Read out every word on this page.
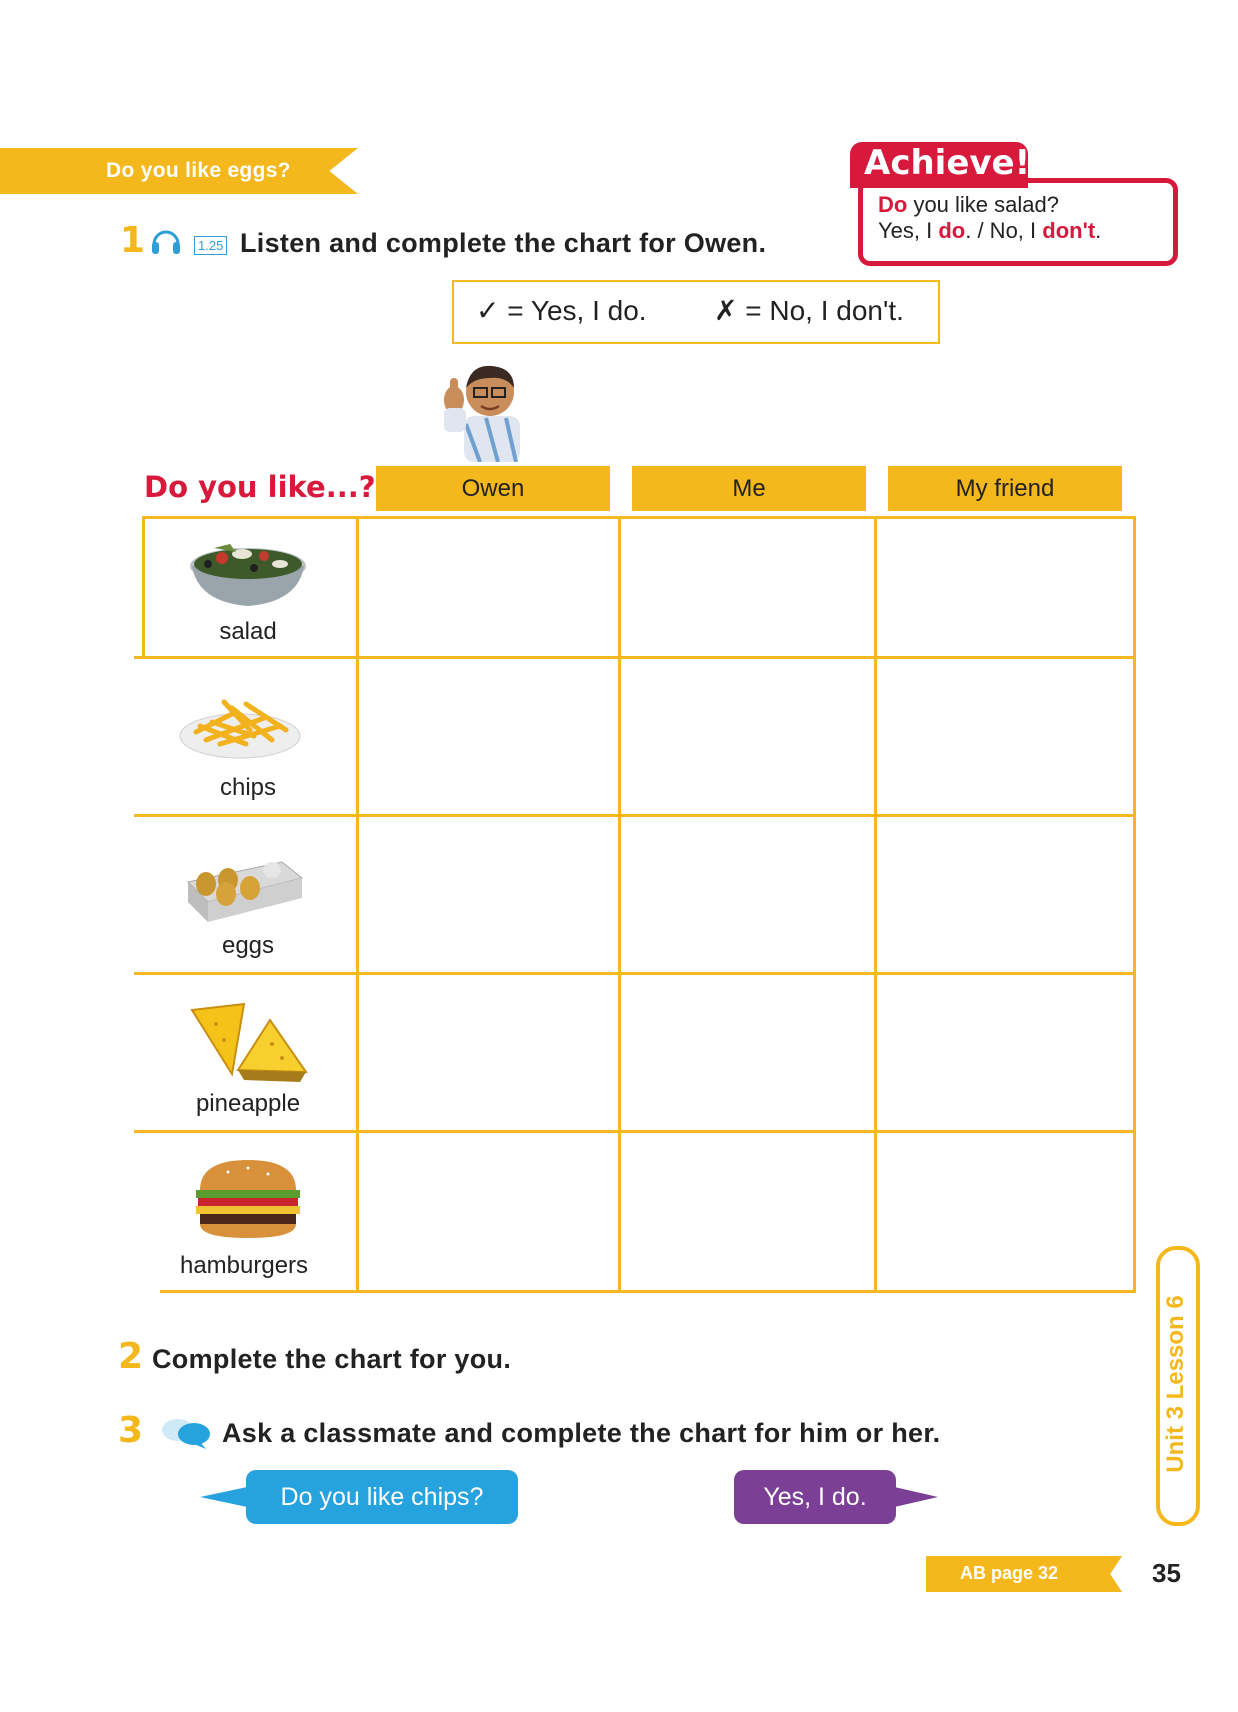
Do you like eggs?	Achieve!
Do you like salad?
Yes, I do. / No, I don't.
1	1.25 Listen and complete the chart for Owen.
✓ = Yes, I do. ✗ = No, I don't.
Do you like...?	Owen	Me	My friend
salad
chips
eggs
pineapple
hamburgers
2 Complete the chart for you.
3	Ask a classmate and complete the chart for him or her.
Do you like chips?	Yes, I do.
Unit 3 Lesson 6
AB page 32	35
